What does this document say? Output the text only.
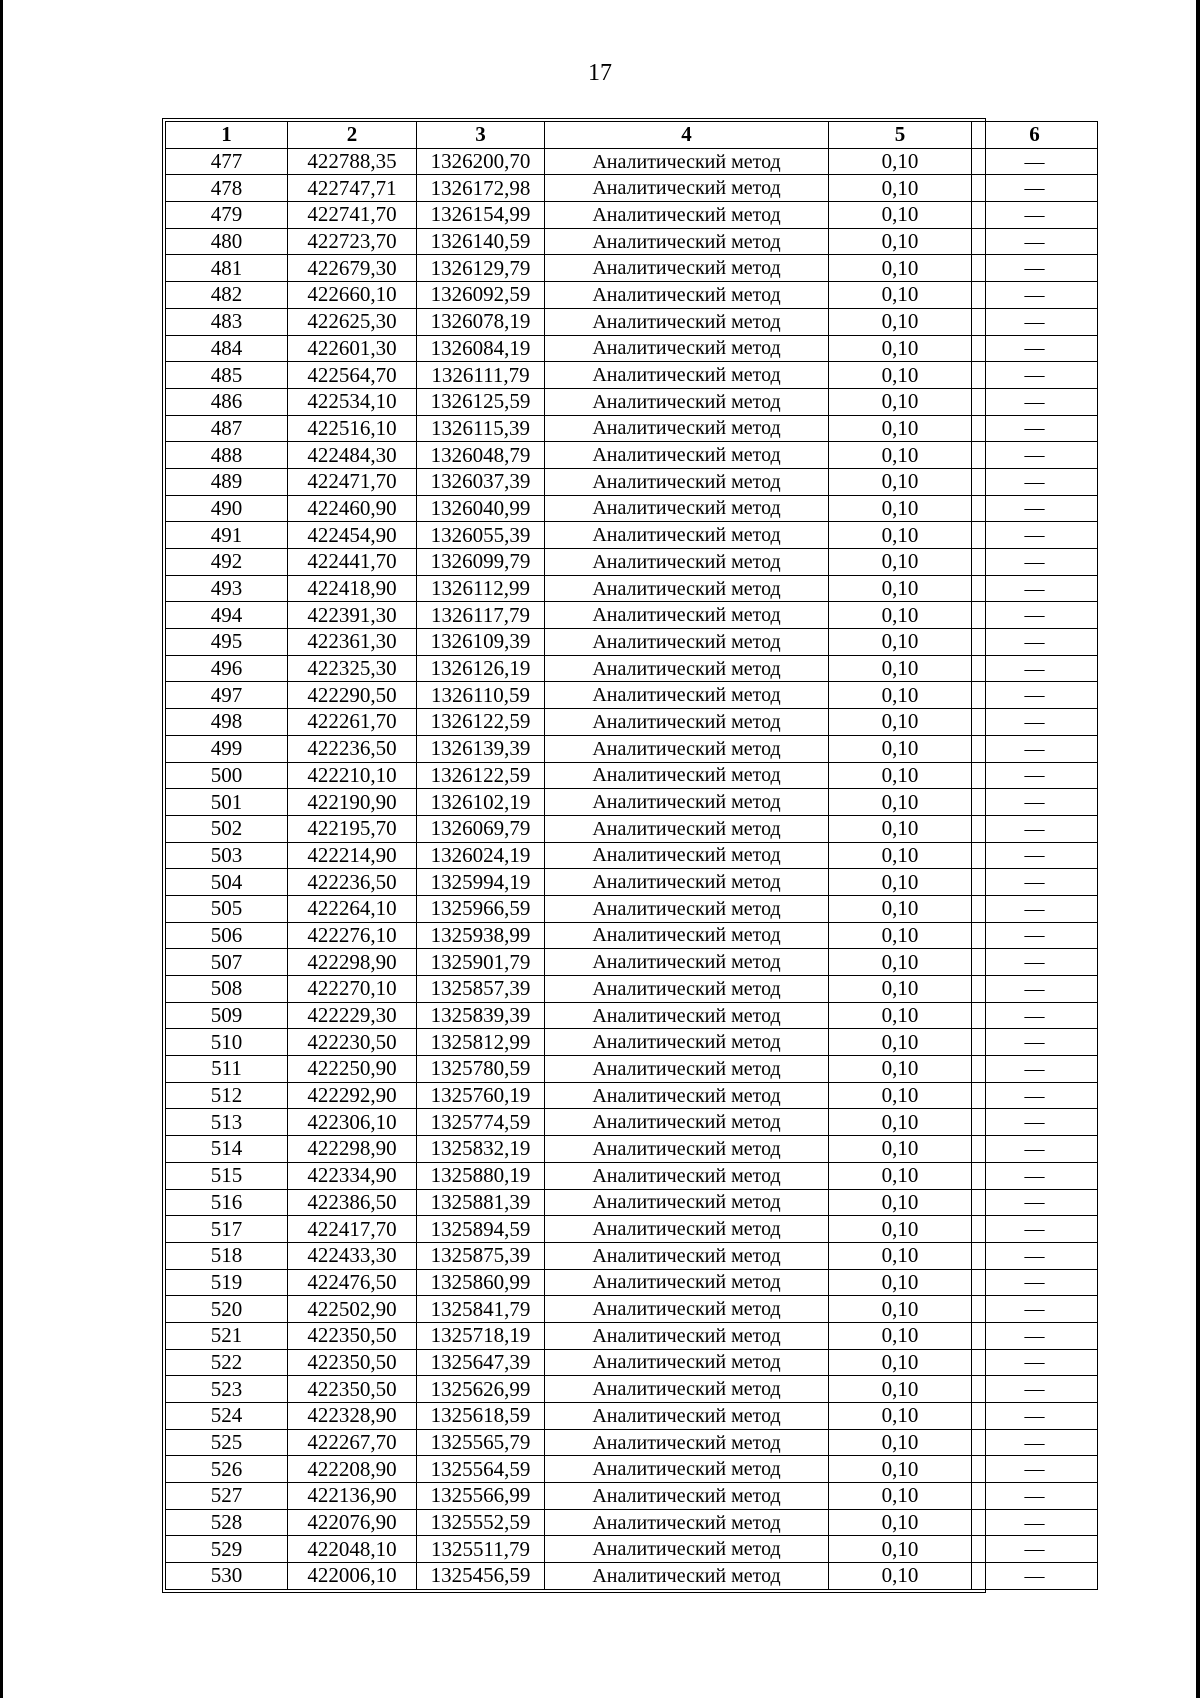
17
1	2	3	4	5	6
477	422788,35	1326200,70	Аналитический метод	0,10	—
478	422747,71	1326172,98	Аналитический метод	0,10	—
479	422741,70	1326154,99	Аналитический метод	0,10	—
480	422723,70	1326140,59	Аналитический метод	0,10	—
481	422679,30	1326129,79	Аналитический метод	0,10	—
482	422660,10	1326092,59	Аналитический метод	0,10	—
483	422625,30	1326078,19	Аналитический метод	0,10	—
484	422601,30	1326084,19	Аналитический метод	0,10	—
485	422564,70	1326111,79	Аналитический метод	0,10	—
486	422534,10	1326125,59	Аналитический метод	0,10	—
487	422516,10	1326115,39	Аналитический метод	0,10	—
488	422484,30	1326048,79	Аналитический метод	0,10	—
489	422471,70	1326037,39	Аналитический метод	0,10	—
490	422460,90	1326040,99	Аналитический метод	0,10	—
491	422454,90	1326055,39	Аналитический метод	0,10	—
492	422441,70	1326099,79	Аналитический метод	0,10	—
493	422418,90	1326112,99	Аналитический метод	0,10	—
494	422391,30	1326117,79	Аналитический метод	0,10	—
495	422361,30	1326109,39	Аналитический метод	0,10	—
496	422325,30	1326126,19	Аналитический метод	0,10	—
497	422290,50	1326110,59	Аналитический метод	0,10	—
498	422261,70	1326122,59	Аналитический метод	0,10	—
499	422236,50	1326139,39	Аналитический метод	0,10	—
500	422210,10	1326122,59	Аналитический метод	0,10	—
501	422190,90	1326102,19	Аналитический метод	0,10	—
502	422195,70	1326069,79	Аналитический метод	0,10	—
503	422214,90	1326024,19	Аналитический метод	0,10	—
504	422236,50	1325994,19	Аналитический метод	0,10	—
505	422264,10	1325966,59	Аналитический метод	0,10	—
506	422276,10	1325938,99	Аналитический метод	0,10	—
507	422298,90	1325901,79	Аналитический метод	0,10	—
508	422270,10	1325857,39	Аналитический метод	0,10	—
509	422229,30	1325839,39	Аналитический метод	0,10	—
510	422230,50	1325812,99	Аналитический метод	0,10	—
511	422250,90	1325780,59	Аналитический метод	0,10	—
512	422292,90	1325760,19	Аналитический метод	0,10	—
513	422306,10	1325774,59	Аналитический метод	0,10	—
514	422298,90	1325832,19	Аналитический метод	0,10	—
515	422334,90	1325880,19	Аналитический метод	0,10	—
516	422386,50	1325881,39	Аналитический метод	0,10	—
517	422417,70	1325894,59	Аналитический метод	0,10	—
518	422433,30	1325875,39	Аналитический метод	0,10	—
519	422476,50	1325860,99	Аналитический метод	0,10	—
520	422502,90	1325841,79	Аналитический метод	0,10	—
521	422350,50	1325718,19	Аналитический метод	0,10	—
522	422350,50	1325647,39	Аналитический метод	0,10	—
523	422350,50	1325626,99	Аналитический метод	0,10	—
524	422328,90	1325618,59	Аналитический метод	0,10	—
525	422267,70	1325565,79	Аналитический метод	0,10	—
526	422208,90	1325564,59	Аналитический метод	0,10	—
527	422136,90	1325566,99	Аналитический метод	0,10	—
528	422076,90	1325552,59	Аналитический метод	0,10	—
529	422048,10	1325511,79	Аналитический метод	0,10	—
530	422006,10	1325456,59	Аналитический метод	0,10	—
